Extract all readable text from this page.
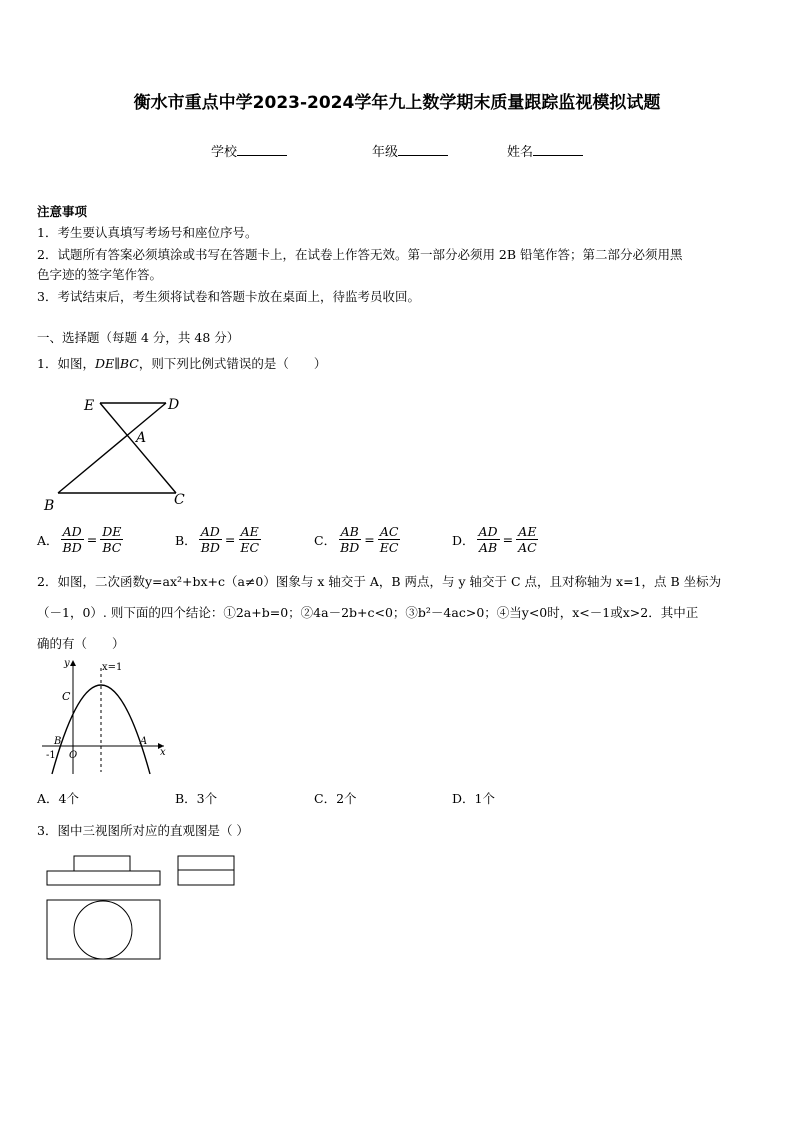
衡水市重点中学2023-2024学年九上数学期末质量跟踪监视模拟试题
学校	年级	姓名
注意事项
1．考生要认真填写考场号和座位序号。
2．试题所有答案必须填涂或书写在答题卡上，在试卷上作答无效。第一部分必须用 2B 铅笔作答；第二部分必须用黑
色字迹的签字笔作答。
3．考试结束后，考生须将试卷和答题卡放在桌面上，待监考员收回。
一、选择题（每题 4 分，共 48 分）
1．如图，DE∥BC，则下列比例式错误的是（　　）
E	D
A
B	C
A． $\frac{AD}{BD} = \frac{DE}{BC}$	B． $\frac{AD}{BD} = \frac{AE}{EC}$	C． $\frac{AB}{BD} = \frac{AC}{EC}$	D． $\frac{AD}{AB} = \frac{AE}{AC}$
2．如图，二次函数y=ax²+bx+c（a≠0）图象与 x 轴交于 A，B 两点，与 y 轴交于 C 点，且对称轴为 x=1，点 B 坐标为
（－1，0）. 则下面的四个结论：①2a+b=0；②4a－2b+c<0；③b²－4ac>0；④当y<0时，x<－1或x>2．其中正
确的有（　　）
y
x
x=1
C
B	A
O
-1
A．4个	B．3个	C．2个	D．1个
3．图中三视图所对应的直观图是（ ）
